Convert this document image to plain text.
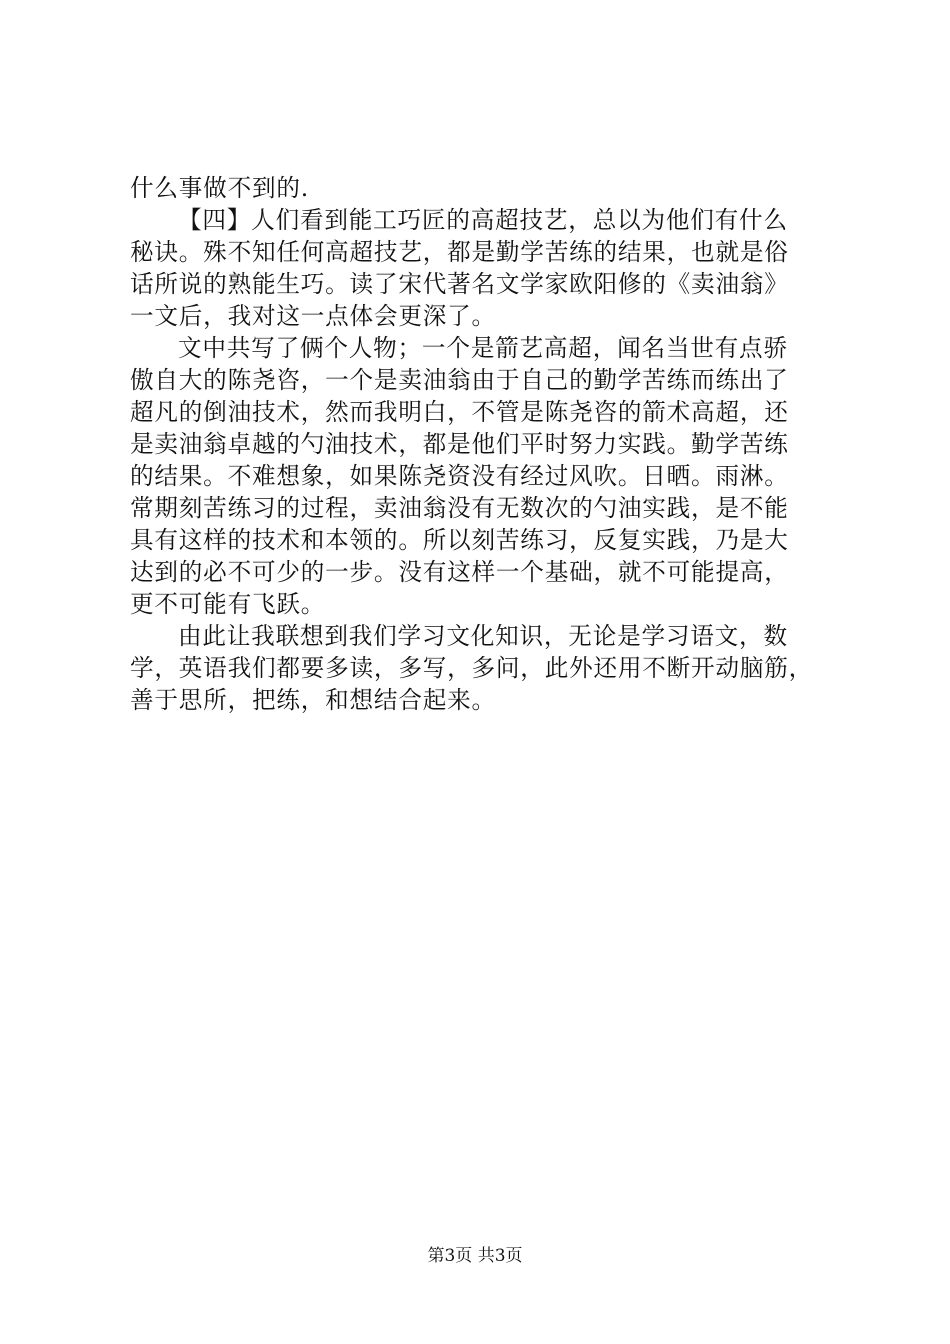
什么事做不到的.
【四】人们看到能工巧匠的高超技艺，总以为他们有什么
秘诀。殊不知任何高超技艺，都是勤学苦练的结果，也就是俗
话所说的熟能生巧。读了宋代著名文学家欧阳修的《卖油翁》
一文后，我对这一点体会更深了。
文中共写了俩个人物；一个是箭艺高超，闻名当世有点骄
傲自大的陈尧咨，一个是卖油翁由于自己的勤学苦练而练出了
超凡的倒油技术，然而我明白，不管是陈尧咨的箭术高超，还
是卖油翁卓越的勺油技术，都是他们平时努力实践。勤学苦练
的结果。不难想象，如果陈尧资没有经过风吹。日晒。雨淋。
常期刻苦练习的过程，卖油翁没有无数次的勺油实践，是不能
具有这样的技术和本领的。所以刻苦练习，反复实践，乃是大
达到的必不可少的一步。没有这样一个基础，就不可能提高，
更不可能有飞跃。
由此让我联想到我们学习文化知识，无论是学习语文，数
学，英语我们都要多读，多写，多问，此外还用不断开动脑筋，
善于思所，把练，和想结合起来。
第3页 共3页
